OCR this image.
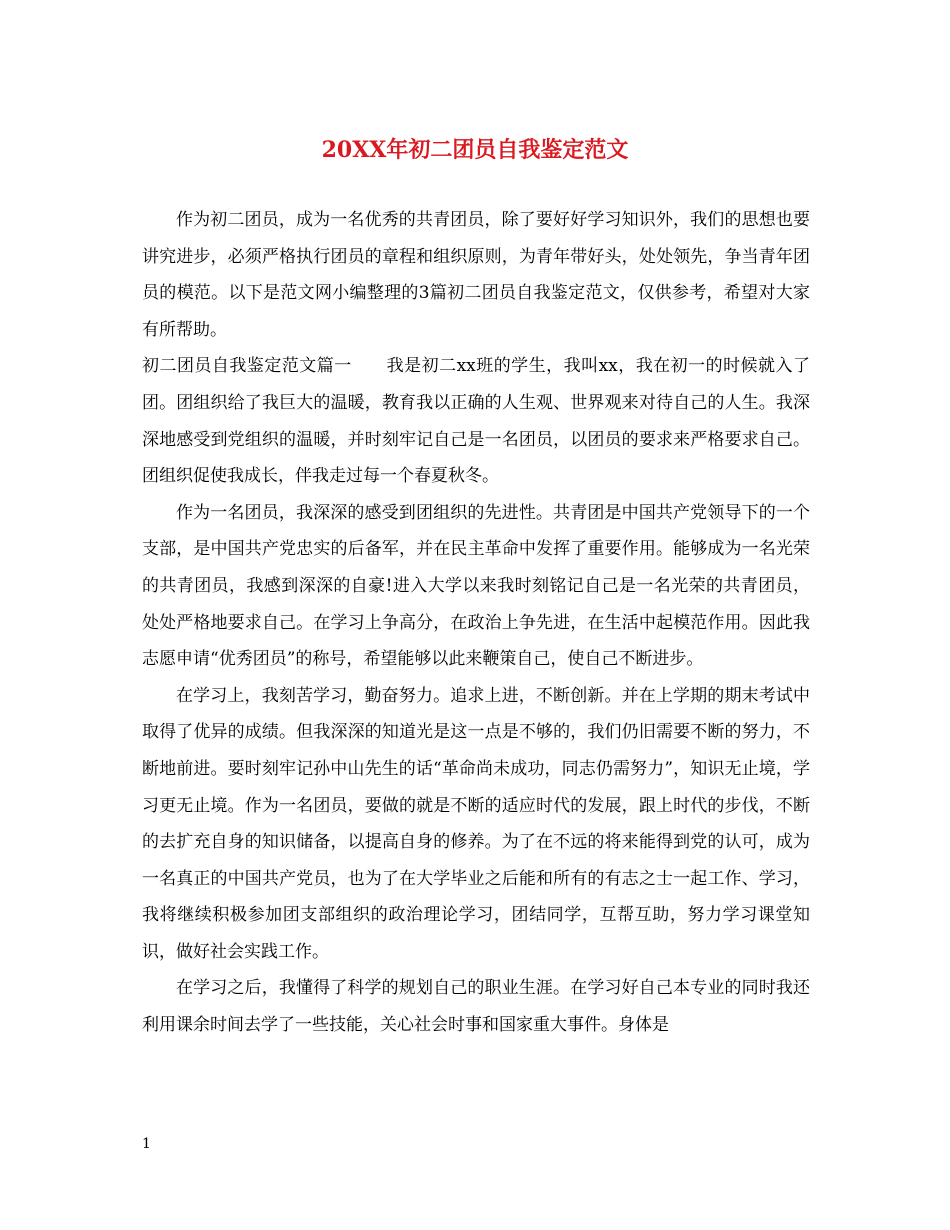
20XX年初二团员自我鉴定范文

作为初二团员，成为一名优秀的共青团员，除了要好好学习知识外，我们的思想也要讲究进步，必须严格执行团员的章程和组织原则，为青年带好头，处处领先，争当青年团员的模范。以下是范文网小编整理的3篇初二团员自我鉴定范文，仅供参考，希望对大家有所帮助。

初二团员自我鉴定范文篇一　　我是初二xx班的学生，我叫xx，我在初一的时候就入了团。团组织给了我巨大的温暖，教育我以正确的人生观、世界观来对待自己的人生。我深深地感受到党组织的温暖，并时刻牢记自己是一名团员，以团员的要求来严格要求自己。团组织促使我成长，伴我走过每一个春夏秋冬。

作为一名团员，我深深的感受到团组织的先进性。共青团是中国共产党领导下的一个支部，是中国共产党忠实的后备军，并在民主革命中发挥了重要作用。能够成为一名光荣的共青团员，我感到深深的自豪!进入大学以来我时刻铭记自己是一名光荣的共青团员，处处严格地要求自己。在学习上争高分，在政治上争先进，在生活中起模范作用。因此我志愿申请“优秀团员”的称号，希望能够以此来鞭策自己，使自己不断进步。

在学习上，我刻苦学习，勤奋努力。追求上进，不断创新。并在上学期的期末考试中取得了优异的成绩。但我深深的知道光是这一点是不够的，我们仍旧需要不断的努力，不断地前进。要时刻牢记孙中山先生的话“革命尚未成功，同志仍需努力”，知识无止境，学习更无止境。作为一名团员，要做的就是不断的适应时代的发展，跟上时代的步伐，不断的去扩充自身的知识储备，以提高自身的修养。为了在不远的将来能得到党的认可，成为一名真正的中国共产党员，也为了在大学毕业之后能和所有的有志之士一起工作、学习，我将继续积极参加团支部组织的政治理论学习，团结同学，互帮互助，努力学习课堂知识，做好社会实践工作。

在学习之后，我懂得了科学的规划自己的职业生涯。在学习好自己本专业的同时我还利用课余时间去学了一些技能，关心社会时事和国家重大事件。身体是

1
